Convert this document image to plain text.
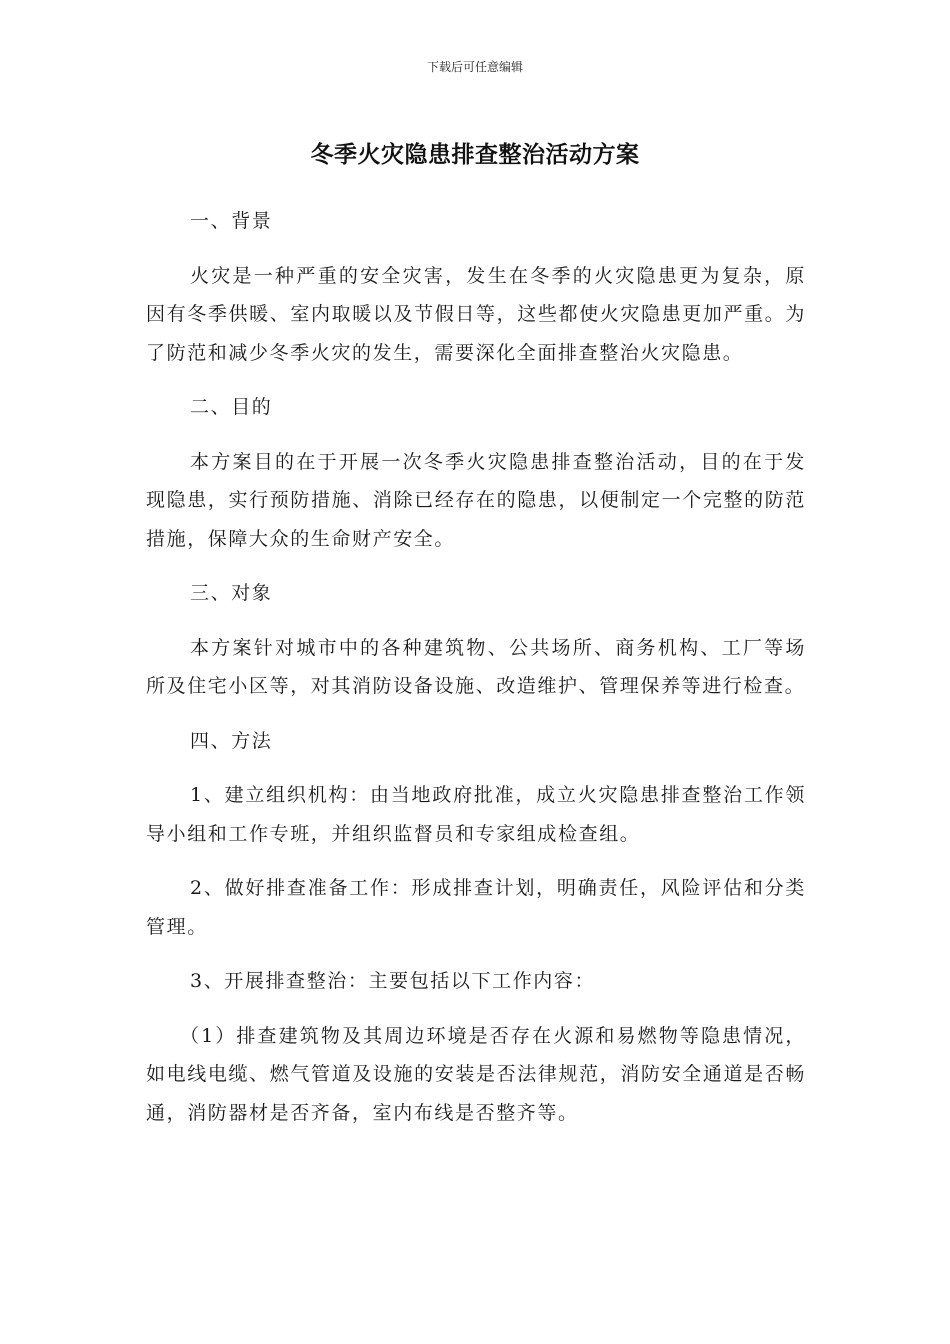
下载后可任意编辑
冬季火灾隐患排查整治活动方案

一、背景

火灾是一种严重的安全灾害，发生在冬季的火灾隐患更为复杂，原因有冬季供暖、室内取暖以及节假日等，这些都使火灾隐患更加严重。为了防范和减少冬季火灾的发生，需要深化全面排查整治火灾隐患。

二、目的

本方案目的在于开展一次冬季火灾隐患排查整治活动，目的在于发现隐患，实行预防措施、消除已经存在的隐患，以便制定一个完整的防范措施，保障大众的生命财产安全。

三、对象

本方案针对城市中的各种建筑物、公共场所、商务机构、工厂等场所及住宅小区等，对其消防设备设施、改造维护、管理保养等进行检查。

四、方法

1、建立组织机构：由当地政府批准，成立火灾隐患排查整治工作领导小组和工作专班，并组织监督员和专家组成检查组。

2、做好排查准备工作：形成排查计划，明确责任，风险评估和分类管理。

3、开展排查整治：主要包括以下工作内容：

（1）排查建筑物及其周边环境是否存在火源和易燃物等隐患情况，如电线电缆、燃气管道及设施的安装是否法律规范，消防安全通道是否畅通，消防器材是否齐备，室内布线是否整齐等。
